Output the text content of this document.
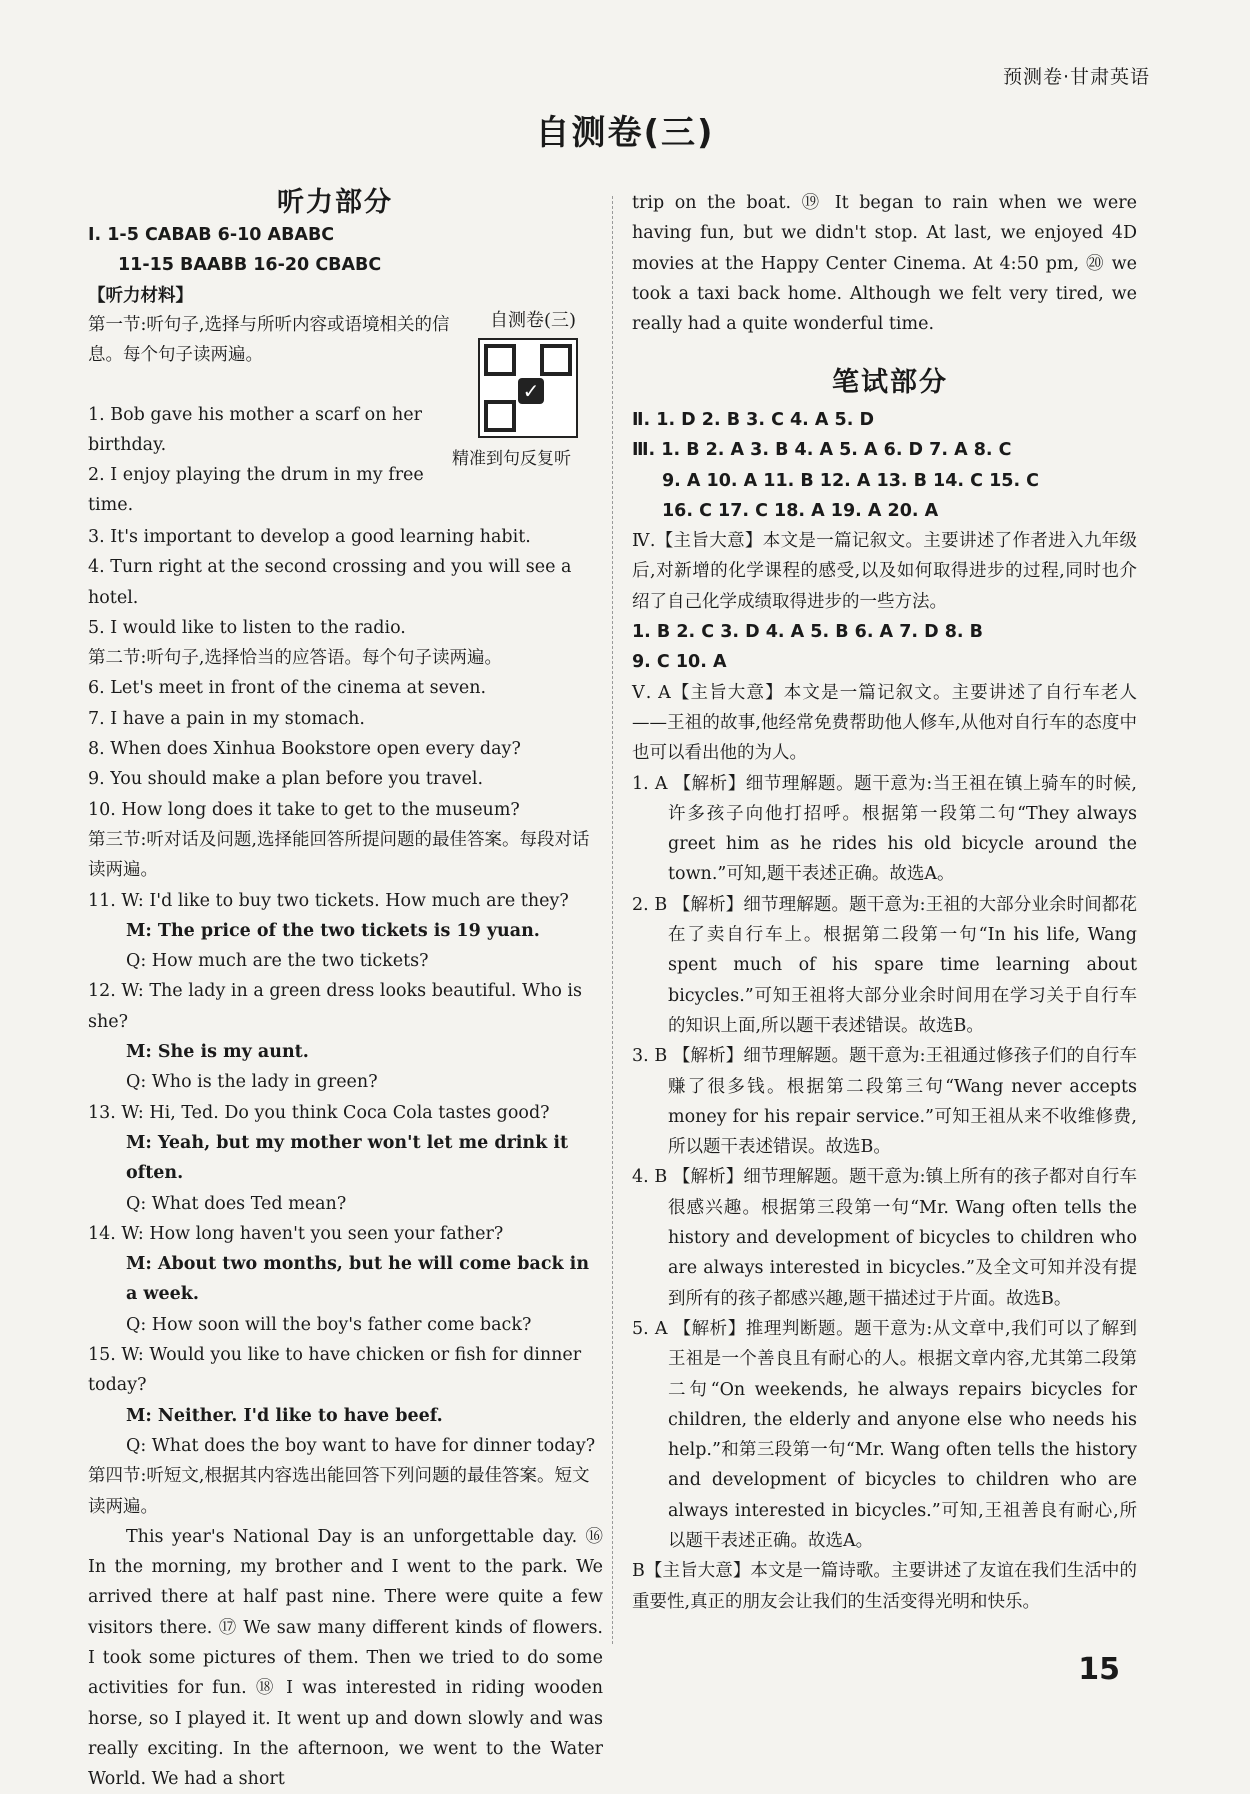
预测卷·甘肃英语
自测卷(三)
听力部分

Ⅰ. 1-5 CABAB 6-10 ABABC

11-15 BAABB 16-20 CBABC

【听力材料】

自测卷(三)
✓
精准到句反复听
第一节:听句子,选择与所听内容或语境相关的信息。每个句子读两遍。
1. Bob gave his mother a scarf on her birthday.
2. I enjoy playing the drum in my free time.

3. It's important to develop a good learning habit.

4. Turn right at the second crossing and you will see a hotel.

5. I would like to listen to the radio.

第二节:听句子,选择恰当的应答语。每个句子读两遍。

6. Let's meet in front of the cinema at seven.

7. I have a pain in my stomach.

8. When does Xinhua Bookstore open every day?

9. You should make a plan before you travel.

10. How long does it take to get to the museum?

第三节:听对话及问题,选择能回答所提问题的最佳答案。每段对话读两遍。

11. W: I'd like to buy two tickets. How much are they?

M: The price of the two tickets is 19 yuan.

Q: How much are the two tickets?

12. W: The lady in a green dress looks beautiful. Who is she?

M: She is my aunt.

Q: Who is the lady in green?

13. W: Hi, Ted. Do you think Coca Cola tastes good?

M: Yeah, but my mother won't let me drink it often.

Q: What does Ted mean?

14. W: How long haven't you seen your father?

M: About two months, but he will come back in a week.

Q: How soon will the boy's father come back?

15. W: Would you like to have chicken or fish for dinner today?

M: Neither. I'd like to have beef.

Q: What does the boy want to have for dinner today?

第四节:听短文,根据其内容选出能回答下列问题的最佳答案。短文读两遍。

This year's National Day is an unforgettable day. ⑯ In the morning, my brother and I went to the park. We arrived there at half past nine. There were quite a few visitors there. ⑰ We saw many different kinds of flowers. I took some pictures of them. Then we tried to do some activities for fun. ⑱ I was interested in riding wooden horse, so I played it. It went up and down slowly and was really exciting. In the afternoon, we went to the Water World. We had a short

trip on the boat. ⑲ It began to rain when we were having fun, but we didn't stop. At last, we enjoyed 4D movies at the Happy Center Cinema. At 4:50 pm, ⑳ we took a taxi back home. Although we felt very tired, we really had a quite wonderful time.
笔试部分

Ⅱ. 1. D 2. B 3. C 4. A 5. D

Ⅲ. 1. B 2. A 3. B 4. A 5. A 6. D 7. A 8. C

9. A 10. A 11. B 12. A 13. B 14. C 15. C

16. C 17. C 18. A 19. A 20. A

Ⅳ.【主旨大意】本文是一篇记叙文。主要讲述了作者进入九年级后,对新增的化学课程的感受,以及如何取得进步的过程,同时也介绍了自己化学成绩取得进步的一些方法。

1. B 2. C 3. D 4. A 5. B 6. A 7. D 8. B

9. C 10. A

Ⅴ. A【主旨大意】本文是一篇记叙文。主要讲述了自行车老人——王祖的故事,他经常免费帮助他人修车,从他对自行车的态度中也可以看出他的为人。

1. A 【解析】细节理解题。题干意为:当王祖在镇上骑车的时候,许多孩子向他打招呼。根据第一段第二句“They always greet him as he rides his old bicycle around the town.”可知,题干表述正确。故选A。

2. B 【解析】细节理解题。题干意为:王祖的大部分业余时间都花在了卖自行车上。根据第二段第一句“In his life, Wang spent much of his spare time learning about bicycles.”可知王祖将大部分业余时间用在学习关于自行车的知识上面,所以题干表述错误。故选B。

3. B 【解析】细节理解题。题干意为:王祖通过修孩子们的自行车赚了很多钱。根据第二段第三句“Wang never accepts money for his repair service.”可知王祖从来不收维修费,所以题干表述错误。故选B。

4. B 【解析】细节理解题。题干意为:镇上所有的孩子都对自行车很感兴趣。根据第三段第一句“Mr. Wang often tells the history and development of bicycles to children who are always interested in bicycles.”及全文可知并没有提到所有的孩子都感兴趣,题干描述过于片面。故选B。

5. A 【解析】推理判断题。题干意为:从文章中,我们可以了解到王祖是一个善良且有耐心的人。根据文章内容,尤其第二段第二句“On weekends, he always repairs bicycles for children, the elderly and anyone else who needs his help.”和第三段第一句“Mr. Wang often tells the history and development of bicycles to children who are always interested in bicycles.”可知,王祖善良有耐心,所以题干表述正确。故选A。

B【主旨大意】本文是一篇诗歌。主要讲述了友谊在我们生活中的重要性,真正的朋友会让我们的生活变得光明和快乐。

15
